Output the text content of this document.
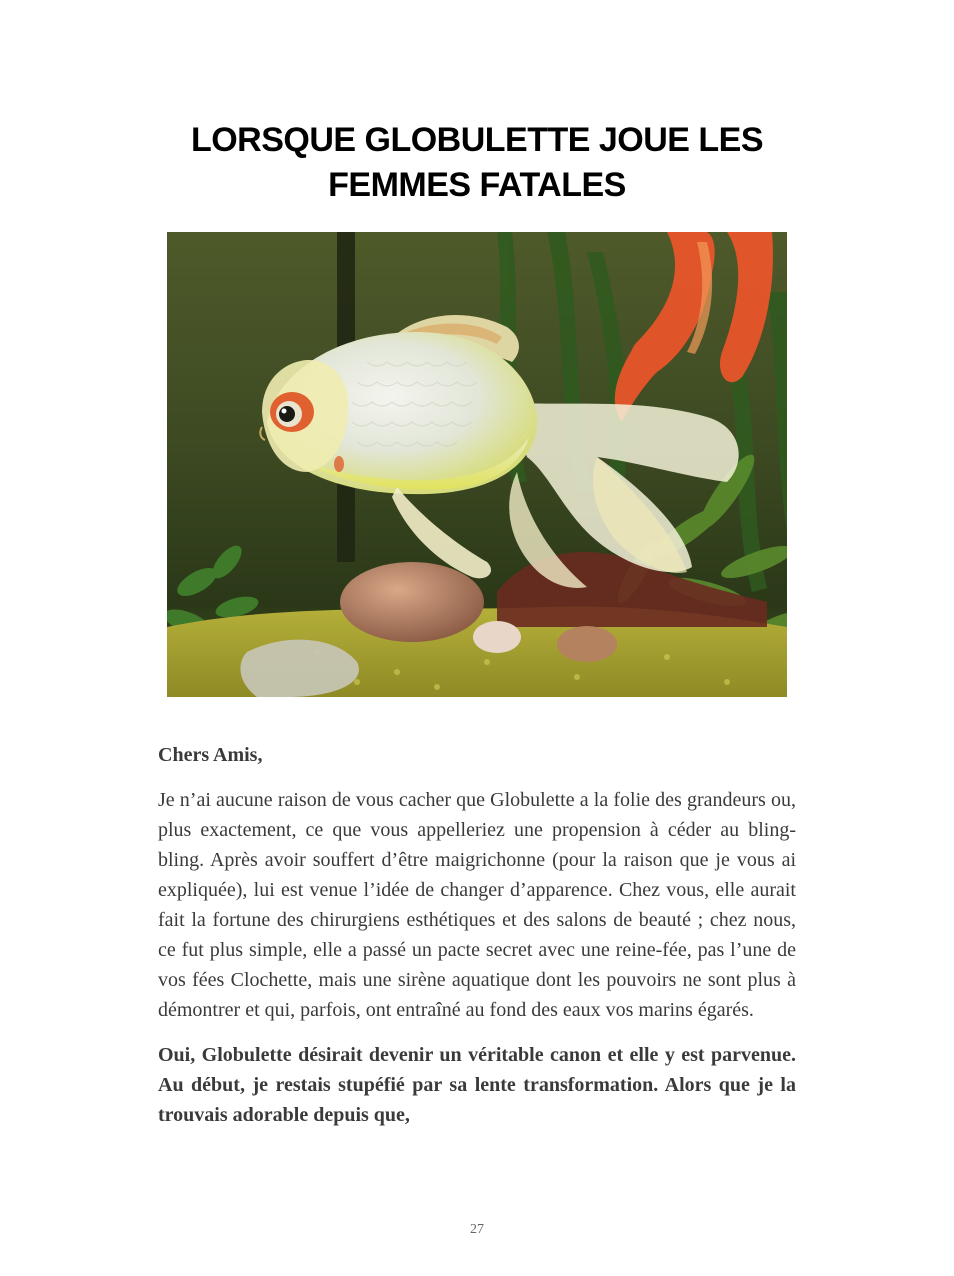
LORSQUE GLOBULETTE JOUE LES FEMMES FATALES

Chers Amis,

Je n’ai aucune raison de vous cacher que Globulette a la folie des grandeurs ou, plus exactement, ce que vous appelleriez une propension à céder au bling-bling. Après avoir souffert d’être maigrichonne (pour la raison que je vous ai expliquée), lui est venue l’idée de changer d’apparence. Chez vous, elle aurait fait la fortune des chirurgiens esthétiques et des salons de beauté ; chez nous, ce fut plus simple, elle a passé un pacte secret avec une reine-fée, pas l’une de vos fées Clochette, mais une sirène aquatique dont les pouvoirs ne sont plus à démontrer et qui, parfois, ont entraîné au fond des eaux vos marins égarés.

Oui, Globulette désirait devenir un véritable canon et elle y est parvenue. Au début, je restais stupéfié par sa lente transformation. Alors que je la trouvais adorable depuis que,

27
